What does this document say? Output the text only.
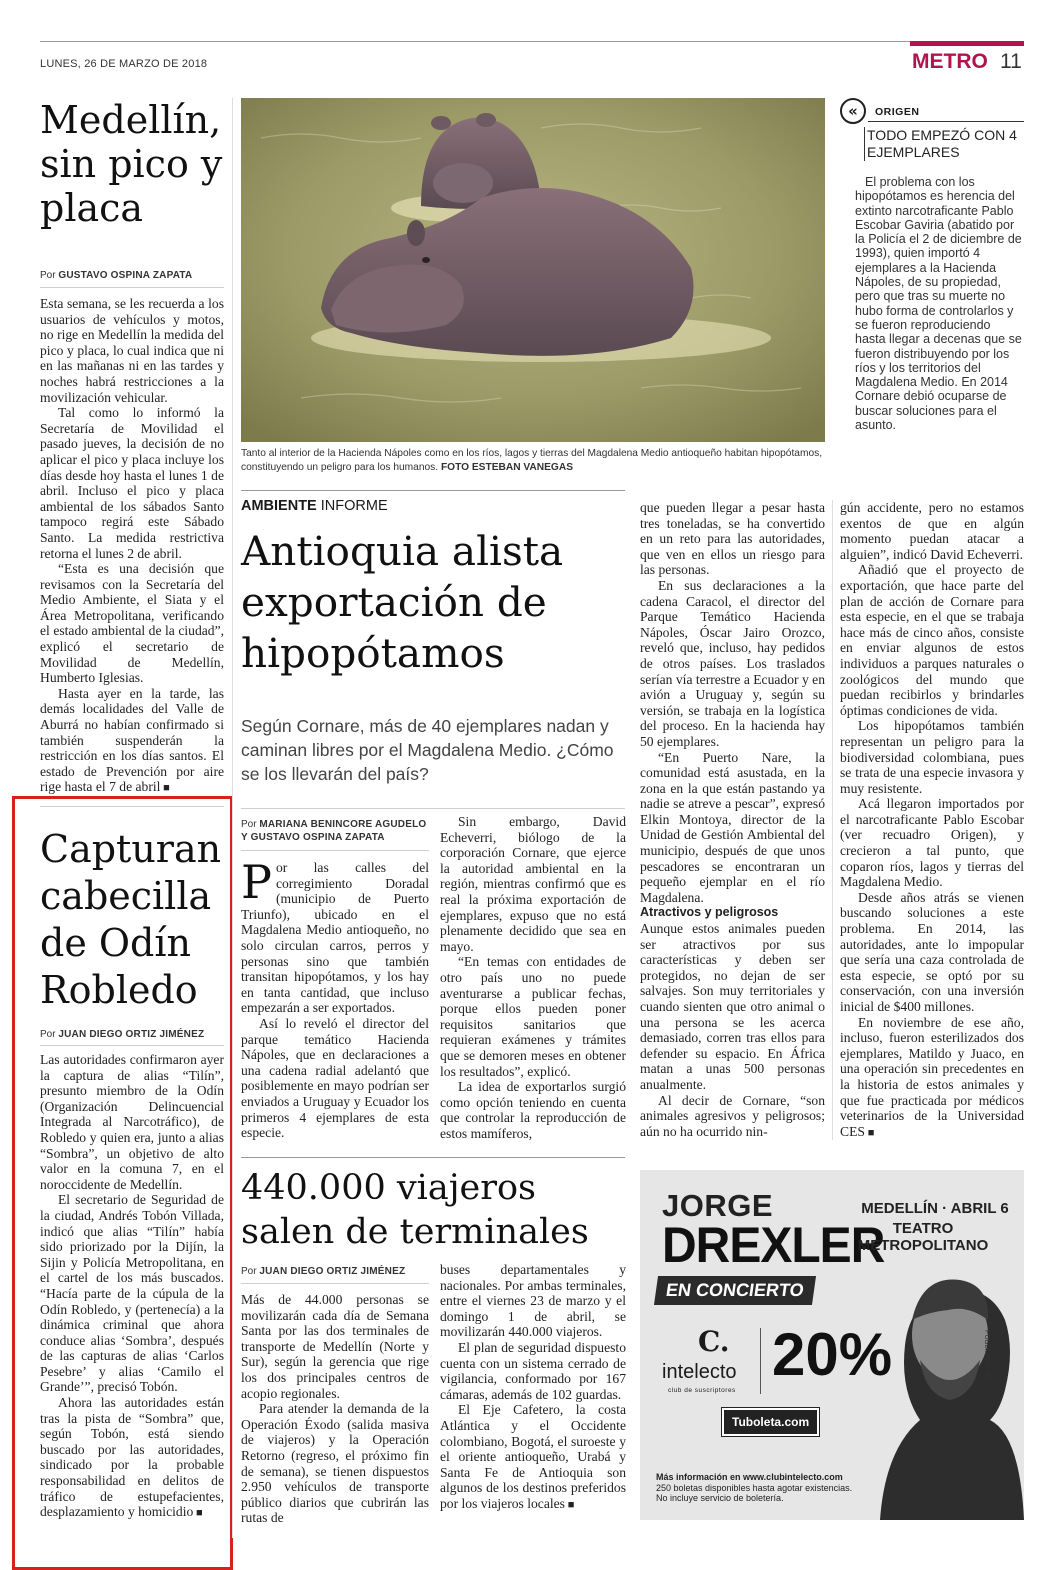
LUNES, 26 DE MARZO DE 2018	METRO 11
Medellín, sin pico y placa
Por GUSTAVO OSPINA ZAPATA

Esta semana, se les recuerda a los usuarios de vehículos y motos, no rige en Medellín la medida del pico y placa, lo cual indica que ni en las mañanas ni en las tardes y noches habrá restricciones a la movilización vehicular.

Tal como lo informó la Secretaría de Movilidad el pasado jueves, la decisión de no aplicar el pico y placa incluye los días desde hoy hasta el lunes 1 de abril. Incluso el pico y placa ambiental de los sábados Santo tampoco regirá este Sábado Santo. La medida restrictiva retorna el lunes 2 de abril.

“Esta es una decisión que revisamos con la Secretaría del Medio Ambiente, el Siata y el Área Metropolitana, verificando el estado ambiental de la ciudad”, explicó el secretario de Movilidad de Medellín, Humberto Iglesias.

Hasta ayer en la tarde, las demás localidades del Valle de Aburrá no habían confirmado si también suspenderán la restricción en los días santos. El estado de Prevención por aire rige hasta el 7 de abril ■

Capturan cabecilla de Odín Robledo
Por JUAN DIEGO ORTIZ JIMÉNEZ

Las autoridades confirmaron ayer la captura de alias “Tilín”, presunto miembro de la Odín (Organización Delincuencial Integrada al Narcotráfico), de Robledo y quien era, junto a alias “Sombra”, un objetivo de alto valor en la comuna 7, en el noroccidente de Medellín.

El secretario de Seguridad de la ciudad, Andrés Tobón Villada, indicó que alias “Tilín” había sido priorizado por la Dijín, la Sijin y Policía Metropolitana, en el cartel de los más buscados. “Hacía parte de la cúpula de la Odín Robledo, y (pertenecía) a la dinámica criminal que ahora conduce alias ‘Sombra’, después de las capturas de alias ‘Carlos Pesebre’ y alias ‘Camilo el Grande’”, precisó Tobón.

Ahora las autoridades están tras la pista de “Sombra” que, según Tobón, está siendo buscado por las autoridades, sindicado por la probable responsabilidad en delitos de tráfico de estupefacientes, desplazamiento y homicidio ■

Tanto al interior de la Hacienda Nápoles como en los ríos, lagos y tierras del Magdalena Medio antioqueño habitan hipopótamos, constituyendo un peligro para los humanos. FOTO ESTEBAN VANEGAS
«	ORIGEN
TODO EMPEZÓ CON 4 EJEMPLARES
El problema con los hipopótamos es herencia del extinto narcotraficante Pablo Escobar Gaviria (abatido por la Policía el 2 de diciembre de 1993), quien importó 4 ejemplares a la Hacienda Nápoles, de su propiedad, pero que tras su muerte no hubo forma de controlarlos y se fueron reproduciendo hasta llegar a decenas que se fueron distribuyendo por los ríos y los territorios del Magdalena Medio. En 2014 Cornare debió ocuparse de buscar soluciones para el asunto.
AMBIENTE INFORME
Antioquia alista exportación de hipopótamos
Según Cornare, más de 40 ejemplares nadan y caminan libres por el Magdalena Medio. ¿Cómo se los llevarán del país?
Por MARIANA BENINCORE AGUDELO Y GUSTAVO OSPINA ZAPATA

Por las calles del corregimiento Doradal (municipio de Puerto Triunfo), ubicado en el Magdalena Medio antioqueño, no solo circulan carros, perros y personas sino que también transitan hipopótamos, y los hay en tanta cantidad, que incluso empezarán a ser exportados.

Así lo reveló el director del parque temático Hacienda Nápoles, que en declaraciones a una cadena radial adelantó que posiblemente en mayo podrían ser enviados a Uruguay y Ecuador los primeros 4 ejemplares de esta especie.

Sin embargo, David Echeverri, biólogo de la corporación Cornare, que ejerce la autoridad ambiental en la región, mientras confirmó que es real la próxima exportación de ejemplares, expuso que no está plenamente decidido que sea en mayo.

“En temas con entidades de otro país uno no puede aventurarse a publicar fechas, porque ellos pueden poner requisitos sanitarios que requieran exámenes y trámites que se demoren meses en obtener los resultados”, explicó.

La idea de exportarlos surgió como opción teniendo en cuenta que controlar la reproducción de estos mamíferos,

que pueden llegar a pesar hasta tres toneladas, se ha convertido en un reto para las autoridades, que ven en ellos un riesgo para las personas.

En sus declaraciones a la cadena Caracol, el director del Parque Temático Hacienda Nápoles, Óscar Jairo Orozco, reveló que, incluso, hay pedidos de otros países. Los traslados serían vía terrestre a Ecuador y en avión a Uruguay y, según su versión, se trabaja en la logística del proceso. En la hacienda hay 50 ejemplares.

“En Puerto Nare, la comunidad está asustada, en la zona en la que están pastando ya nadie se atreve a pescar”, expresó Elkin Montoya, director de la Unidad de Gestión Ambiental del municipio, después de que unos pescadores se encontraran un pequeño ejemplar en el río Magdalena.

Atractivos y peligrosos

Aunque estos animales pueden ser atractivos por sus características y deben ser protegidos, no dejan de ser salvajes. Son muy territoriales y cuando sienten que otro animal o una persona se les acerca demasiado, corren tras ellos para defender su espacio. En África matan a unas 500 personas anualmente.

Al decir de Cornare, “son animales agresivos y peligrosos; aún no ha ocurrido nin-

gún accidente, pero no estamos exentos de que en algún momento puedan atacar a alguien”, indicó David Echeverri.

Añadió que el proyecto de exportación, que hace parte del plan de acción de Cornare para esta especie, en el que se trabaja hace más de cinco años, consiste en enviar algunos de estos individuos a parques naturales o zoológicos del mundo que puedan recibirlos y brindarles óptimas condiciones de vida.

Los hipopótamos también representan un peligro para la biodiversidad colombiana, pues se trata de una especie invasora y muy resistente.

Acá llegaron importados por el narcotraficante Pablo Escobar (ver recuadro Origen), y crecieron a tal punto, que coparon ríos, lagos y tierras del Magdalena Medio.

Desde años atrás se vienen buscando soluciones a este problema. En 2014, las autoridades, ante lo impopular que sería una caza controlada de esta especie, se optó por su conservación, con una inversión inicial de $400 millones.

En noviembre de ese año, incluso, fueron esterilizados dos ejemplares, Matildo y Juaco, en una operación sin precedentes en la historia de estos animales y que fue practicada por médicos veterinarios de la Universidad CES ■

440.000 viajeros salen de terminales
Por JUAN DIEGO ORTIZ JIMÉNEZ

Más de 44.000 personas se movilizarán cada día de Semana Santa por las dos terminales de transporte de Medellín (Norte y Sur), según la gerencia que rige los dos principales centros de acopio regionales.

Para atender la demanda de la Operación Éxodo (salida masiva de viajeros) y la Operación Retorno (regreso, el próximo fin de semana), se tienen dispuestos 2.950 vehículos de transporte público diarios que cubrirán las rutas de

buses departamentales y nacionales. Por ambas terminales, entre el viernes 23 de marzo y el domingo 1 de abril, se movilizarán 440.000 viajeros.

El plan de seguridad dispuesto cuenta con un sistema cerrado de vigilancia, conformado por 167 cámaras, además de 102 guardas.

El Eje Cafetero, la costa Atlántica y el Occidente colombiano, Bogotá, el suroeste y el oriente antioqueño, Urabá y Santa Fe de Antioquia son algunos de los destinos preferidos por los viajeros locales ■

JORGE
DREXLER
EN CONCIERTO
MEDELLÍN · ABRIL 6
TEATRO METROPOLITANO
C.
intelecto
club de suscriptores
20%
Tuboleta.com
Más información en www.clubintelecto.com
250 boletas disponibles hasta agotar existencias.
No incluye servicio de boletería.
PUBLI: XNK-76
